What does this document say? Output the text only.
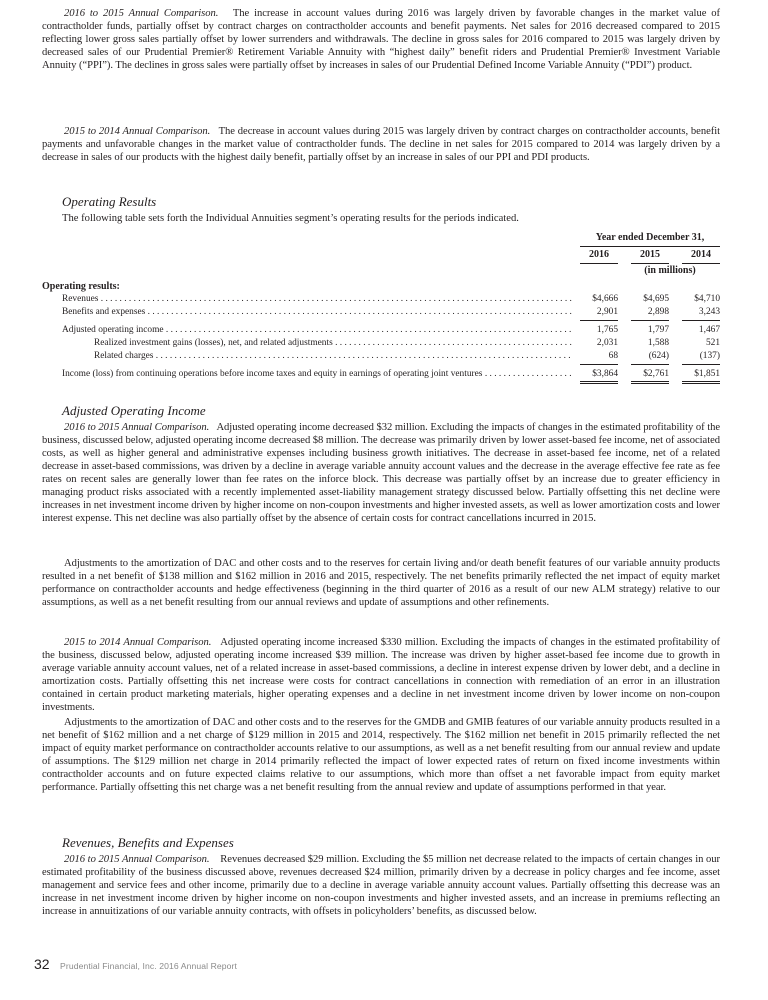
2016 to 2015 Annual Comparison. The increase in account values during 2016 was largely driven by favorable changes in the market value of contractholder funds, partially offset by contract charges on contractholder accounts and benefit payments. Net sales for 2016 decreased compared to 2015 reflecting lower gross sales partially offset by lower surrenders and withdrawals. The decline in gross sales for 2016 compared to 2015 was largely driven by decreased sales of our Prudential Premier® Retirement Variable Annuity with “highest daily” benefit riders and Prudential Premier® Investment Variable Annuity (“PPI”). The declines in gross sales were partially offset by increases in sales of our Prudential Defined Income Variable Annuity (“PDI”) product.

2015 to 2014 Annual Comparison. The decrease in account values during 2015 was largely driven by contract charges on contractholder accounts, benefit payments and unfavorable changes in the market value of contractholder funds. The decline in net sales for 2015 compared to 2014 was largely driven by a decrease in sales of our products with the highest daily benefit, partially offset by an increase in sales of our PPI and PDI products.

Operating Results

The following table sets forth the Individual Annuities segment’s operating results for the periods indicated.

Year ended December 31,
2016	2015	2014
(in millions)
Operating results:
Revenues . . .	$4,666	$4,695	$4,710
Benefits and expenses . . .	2,901	2,898	3,243
Adjusted operating income . . .	1,765	1,797	1,467
Realized investment gains (losses), net, and related adjustments . . .	2,031	1,588	521
Related charges . . .	68	(624)	(137)
Income (loss) from continuing operations before income taxes and equity in earnings of operating joint ventures . . .	$3,864	$2,761	$1,851
Adjusted Operating Income

2016 to 2015 Annual Comparison. Adjusted operating income decreased $32 million. Excluding the impacts of changes in the estimated profitability of the business, discussed below, adjusted operating income decreased $8 million. The decrease was primarily driven by lower asset-based fee income, net of associated costs, as well as higher general and administrative expenses including business growth initiatives. The decrease in asset-based fee income, net of a related decrease in asset-based commissions, was driven by a decline in average variable annuity account values and the decrease in the average effective fee rate as fee rates on recent sales are generally lower than fee rates on the inforce block. This decrease was partially offset by an increase due to greater efficiency in managing product risks associated with a recently implemented asset-liability management strategy discussed below. Partially offsetting this net decline were increases in net investment income driven by higher income on non-coupon investments and higher invested assets, as well as lower amortization costs and lower interest expense. This net decline was also partially offset by the absence of certain costs for contract cancellations incurred in 2015.

Adjustments to the amortization of DAC and other costs and to the reserves for certain living and/or death benefit features of our variable annuity products resulted in a net benefit of $138 million and $162 million in 2016 and 2015, respectively. The net benefits primarily reflected the net impact of equity market performance on contractholder accounts and hedge effectiveness (beginning in the third quarter of 2016 as a result of our new ALM strategy) relative to our assumptions, as well as a net benefit resulting from our annual reviews and update of assumptions and other refinements.

2015 to 2014 Annual Comparison. Adjusted operating income increased $330 million. Excluding the impacts of changes in the estimated profitability of the business, discussed below, adjusted operating income increased $39 million. The increase was driven by higher asset-based fee income due to growth in average variable annuity account values, net of a related increase in asset-based commissions, a decline in interest expense driven by lower debt, and a decline in amortization costs. Partially offsetting this net increase were costs for contract cancellations in connection with remediation of an error in an illustration contained in certain product marketing materials, higher operating expenses and a decline in net investment income driven by lower income on non-coupon investments.

Adjustments to the amortization of DAC and other costs and to the reserves for the GMDB and GMIB features of our variable annuity products resulted in a net benefit of $162 million and a net charge of $129 million in 2015 and 2014, respectively. The $162 million net benefit in 2015 primarily reflected the net impact of equity market performance on contractholder accounts relative to our assumptions, as well as a net benefit resulting from our annual review and update of assumptions. The $129 million net charge in 2014 primarily reflected the impact of lower expected rates of return on fixed income investments within contractholder accounts and on future expected claims relative to our assumptions, which more than offset a net favorable impact from equity market performance. Partially offsetting this net charge was a net benefit resulting from the annual review and update of assumptions performed in that year.

Revenues, Benefits and Expenses

2016 to 2015 Annual Comparison. Revenues decreased $29 million. Excluding the $5 million net decrease related to the impacts of certain changes in our estimated profitability of the business discussed above, revenues decreased $24 million, primarily driven by a decrease in policy charges and fee income, asset management and service fees and other income, primarily due to a decline in average variable annuity account values. Partially offsetting this decrease was an increase in net investment income driven by higher income on non-coupon investments and higher invested assets, and an increase in premiums reflecting an increase in annuitizations of our variable annuity contracts, with offsets in policyholders’ benefits, as discussed below.

32 Prudential Financial, Inc. 2016 Annual Report
